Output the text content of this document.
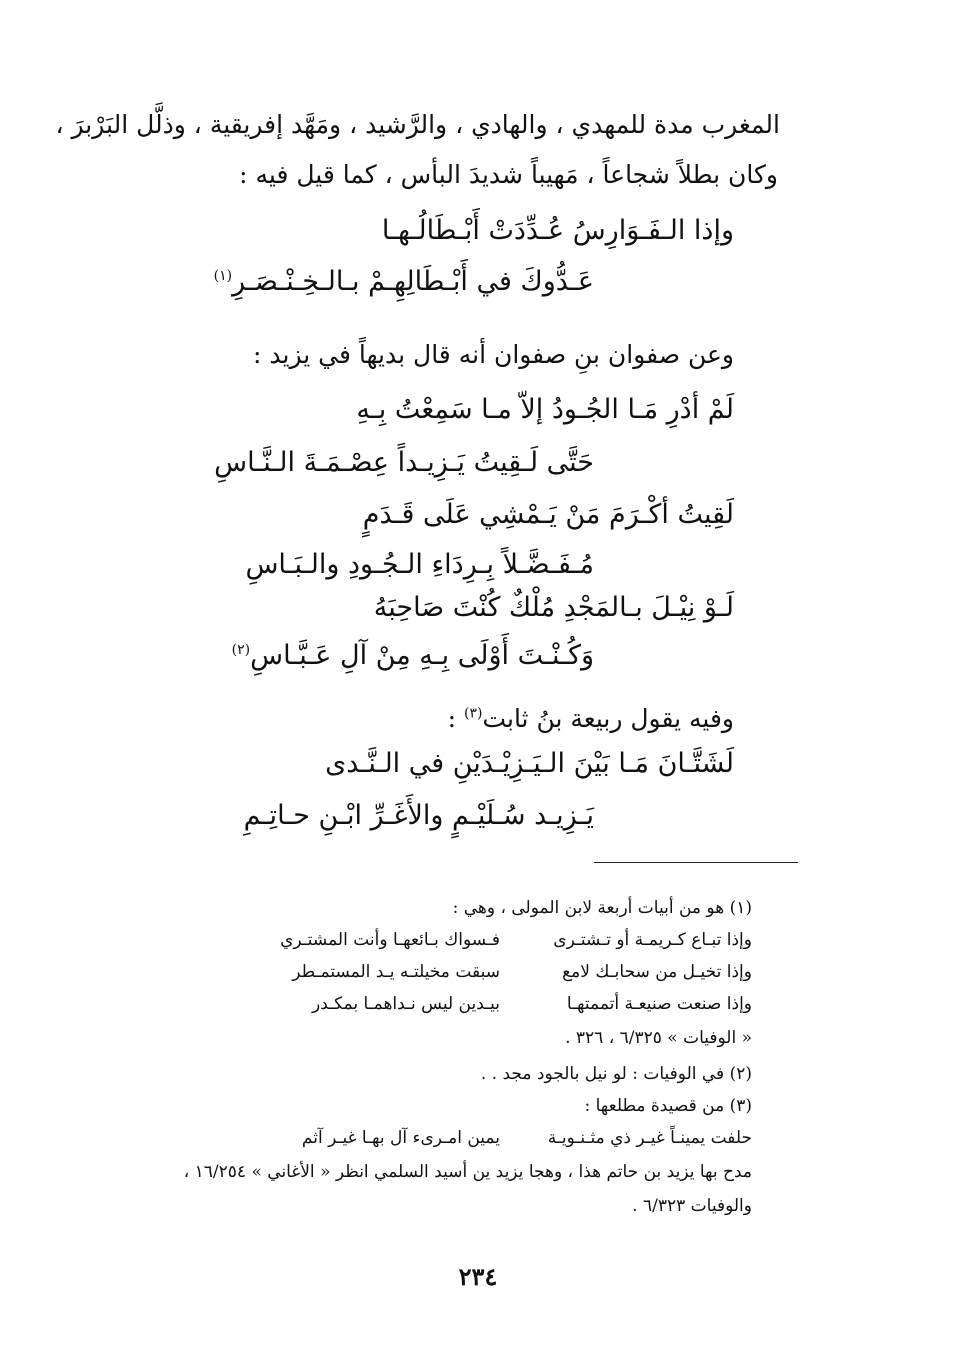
المغرب مدة للمهدي ، والهادي ، والرَّشيد ، ومَهَّد إفريقية ، وذلَّل البَرْبرَ ،
وكان بطلاً شجاعاً ، مَهيباً شديدَ البأس ، كما قيل فيه :
وإذا الـفَـوَارِسُ عُـدِّدَتْ أَبْـطَالُـهـا
عَـدُّوكَ في أَبْـطَالِهِـمْ بـالـخِـنْـصَـرِ$^{(١)}$
وعن صفوان بنِ صفوان أنه قال بديهاً في يزيد :
لَمْ أدْرِ مَـا الجُـودُ إلاّ مـا سَمِعْتُ بِـهِ
حَتَّى لَـقِيتُ يَـزِيـداً عِصْـمَـةَ الـنَّـاسِ
لَقِيتُ أكْـرَمَ مَنْ يَـمْشِي عَلَى قَـدَمٍ
مُـفَـضَّـلاً بِـرِدَاءِ الـجُـودِ والـبَـاسِ
لَـوْ نِيْـلَ بـالمَجْدِ مُلْكٌ كُنْتَ صَاحِبَهُ
وَكُـنْـتَ أَوْلَى بِـهِ مِنْ آلِ عَـبَّـاسِ$^{(٢)}$
وفيه يقول ربيعة بنُ ثابت$^{(٣)}$ :
لَشَتَّـانَ مَـا بَيْنَ الـيَـزِيْـدَيْنِ في الـنَّـدى
يَـزِيـد سُـلَيْـمٍ والأَغَـرِّ ابْـنِ حـاتِـمِ
(١) هو من أبيات أربعة لابن المولى ، وهي :
وإذا تبـاع كـريمـة أو تـشتـرىفـسواك بـائعهـا وأنت المشتـري
وإذا تخيـل من سحابـك لامعسبقت مخيلتـه يـد المستمـطر
وإذا صنعت صنيعـة أتممتهـابيـدين ليس نـداهمـا بمكـدر
« الوفيات » ٦/٣٢٥ ، ٣٢٦ .
(٢) في الوفيات : لو نيل بالجود مجد . .
(٣) من قصيدة مطلعها :
حلفت يمينـاً غيـر ذي مثـنـويـةيمين امـرىء آل بهـا غيـر آثم
مدح بها يزيد بن حاتم هذا ، وهجا يزيد ين أسيد السلمي انظر « الأغاني » ١٦/٢٥٤ ،
والوفيات ٦/٣٢٣ .
٢٣٤
